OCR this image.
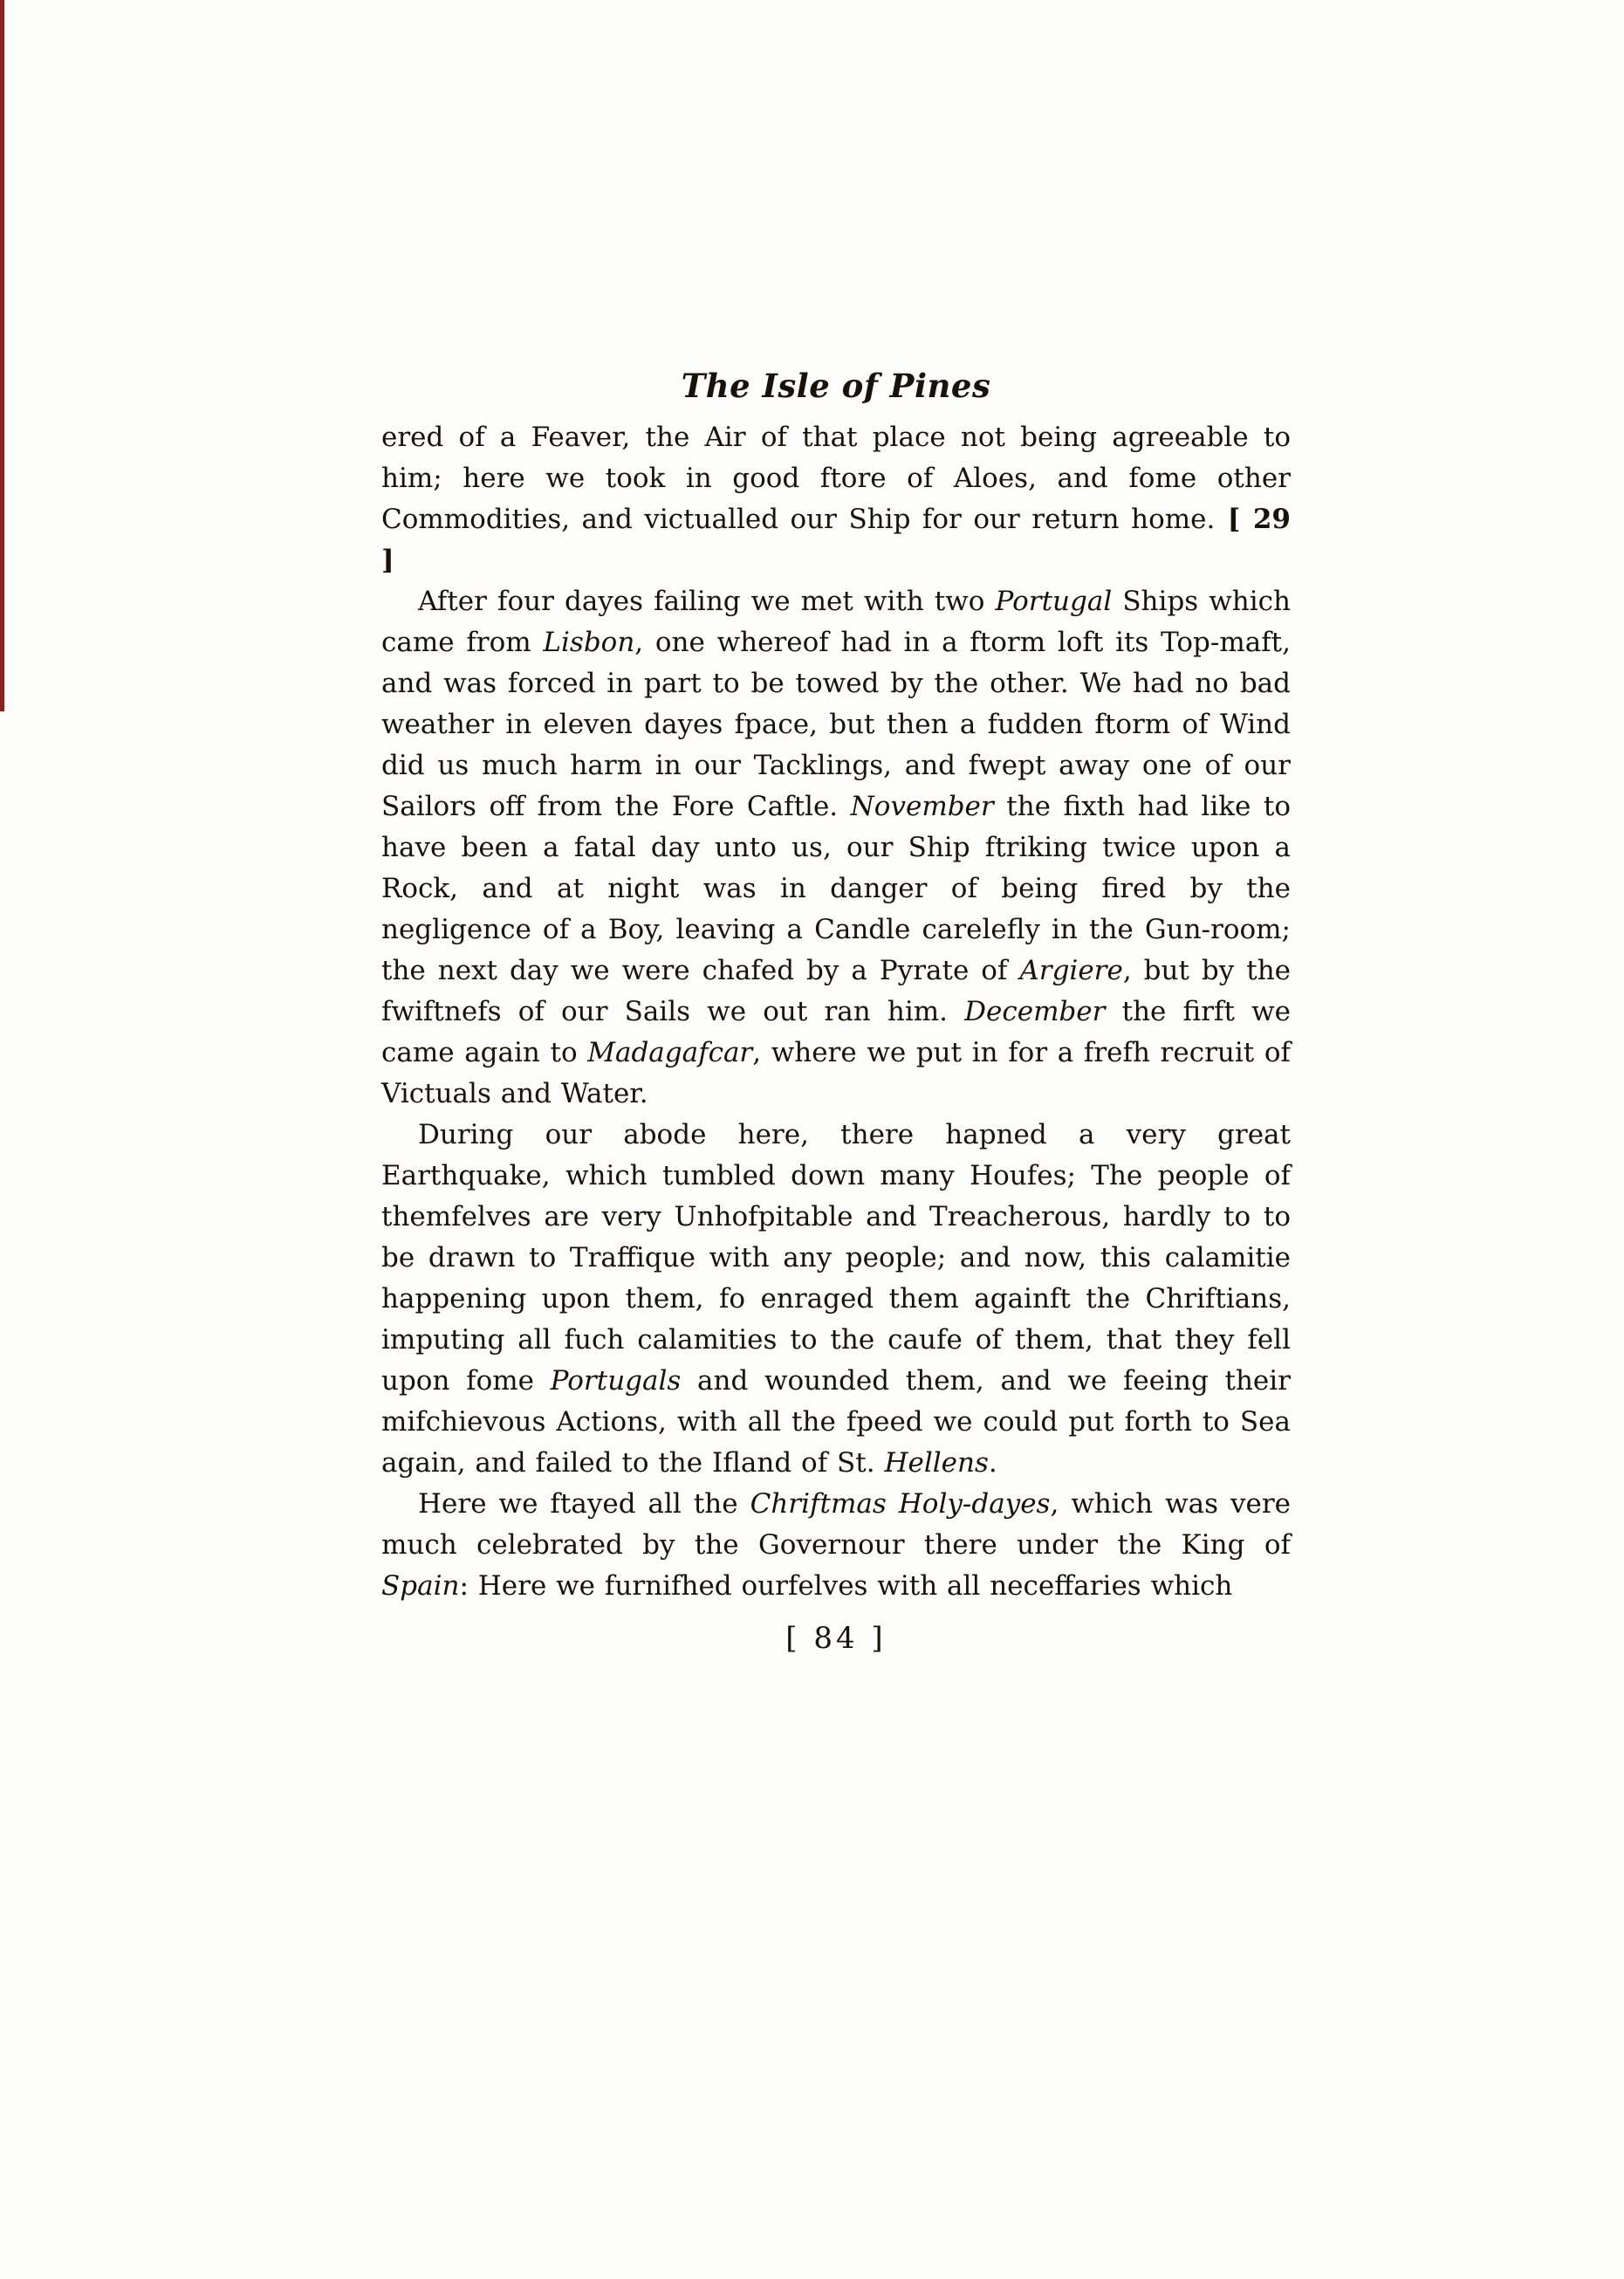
The Isle of Pines

ered of a Feaver, the Air of that place not being agreeable to him; here we took in good ftore of Aloes, and fome other Commodities, and victualled our Ship for our return home. [ 29 ]

After four dayes failing we met with two Portugal Ships which came from Lisbon, one whereof had in a ftorm loft its Top-maft, and was forced in part to be towed by the other. We had no bad weather in eleven dayes fpace, but then a fudden ftorm of Wind did us much harm in our Tacklings, and fwept away one of our Sailors off from the Fore Caftle. November the fixth had like to have been a fatal day unto us, our Ship ftriking twice upon a Rock, and at night was in danger of being fired by the negligence of a Boy, leaving a Candle carelefly in the Gun-room; the next day we were chafed by a Pyrate of Argiere, but by the fwiftnefs of our Sails we out ran him. December the firft we came again to Madagafcar, where we put in for a frefh recruit of Victuals and Water.

During our abode here, there hapned a very great Earthquake, which tumbled down many Houfes; The people of themfelves are very Unhofpitable and Treacherous, hardly to to be drawn to Traffique with any people; and now, this calamitie happening upon them, fo enraged them againft the Chriftians, imputing all fuch calamities to the caufe of them, that they fell upon fome Portugals and wounded them, and we feeing their mifchievous Actions, with all the fpeed we could put forth to Sea again, and failed to the Ifland of St. Hellens.

Here we ftayed all the Chriftmas Holy-dayes, which was vere much celebrated by the Governour there under the King of Spain: Here we furnifhed ourfelves with all neceffaries which

[ 84 ]
